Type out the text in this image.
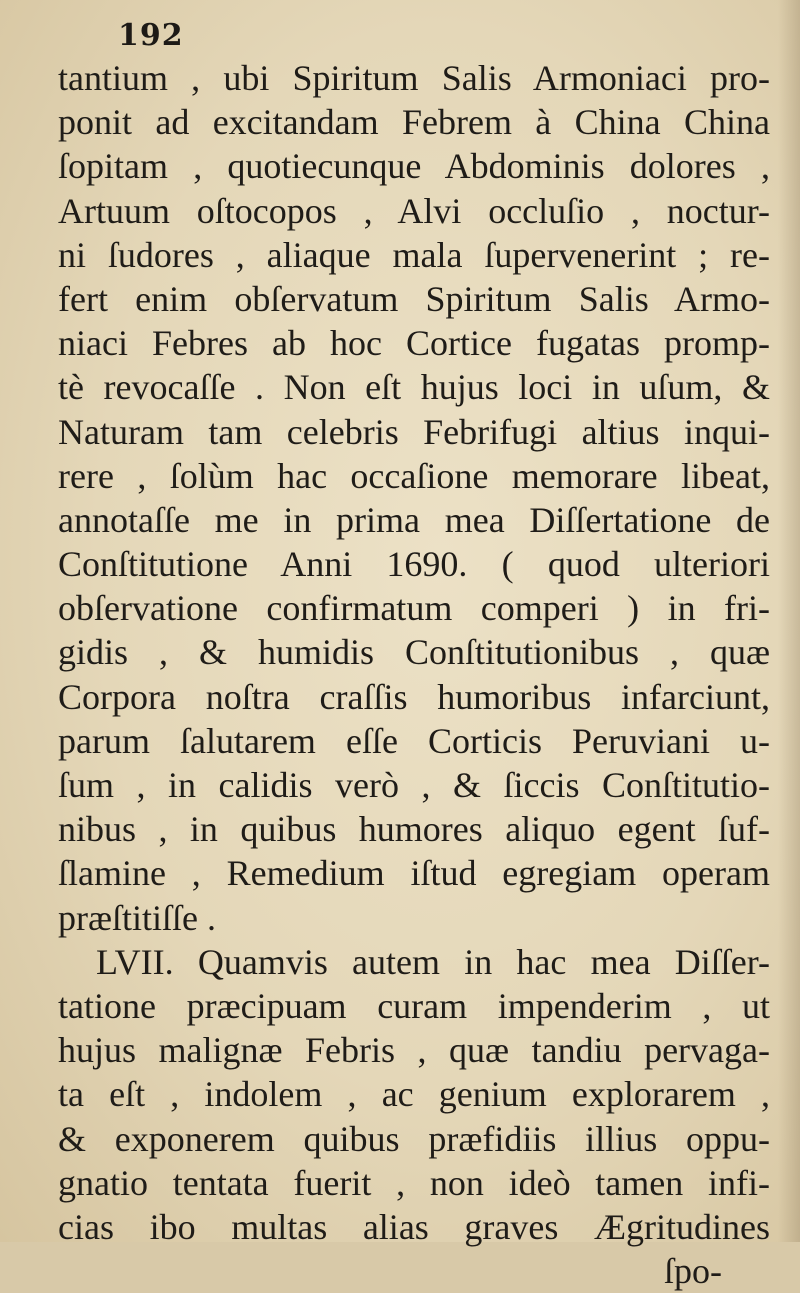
192
tantium , ubi Spiritum Salis Armoniaci pro-
ponit ad excitandam Febrem à China China
ſopitam , quotiecunque Abdominis dolores ,
Artuum oſtocopos , Alvi occluſio , noctur-
ni ſudores , aliaque mala ſupervenerint ; re-
fert enim obſervatum Spiritum Salis Armo-
niaci Febres ab hoc Cortice fugatas promp-
tè revocaſſe . Non eſt hujus loci in uſum, &
Naturam tam celebris Febrifugi altius inqui-
rere , ſolùm hac occaſione memorare libeat,
annotaſſe me in prima mea Diſſertatione de
Conſtitutione Anni 1690. ( quod ulteriori
obſervatione confirmatum comperi ) in fri-
gidis , & humidis Conſtitutionibus , quæ
Corpora noſtra craſſis humoribus infarciunt,
parum ſalutarem eſſe Corticis Peruviani u-
ſum , in calidis verò , & ſiccis Conſtitutio-
nibus , in quibus humores aliquo egent ſuf-
ſlamine , Remedium iſtud egregiam operam
præſtitiſſe .
LVII. Quamvis autem in hac mea Diſſer-
tatione præcipuam curam impenderim , ut
hujus malignæ Febris , quæ tandiu pervaga-
ta eſt , indolem , ac genium explorarem ,
& exponerem quibus præfidiis illius oppu-
gnatio tentata fuerit , non ideò tamen infi-
cias ibo multas alias graves Ægritudines
ſpo-
